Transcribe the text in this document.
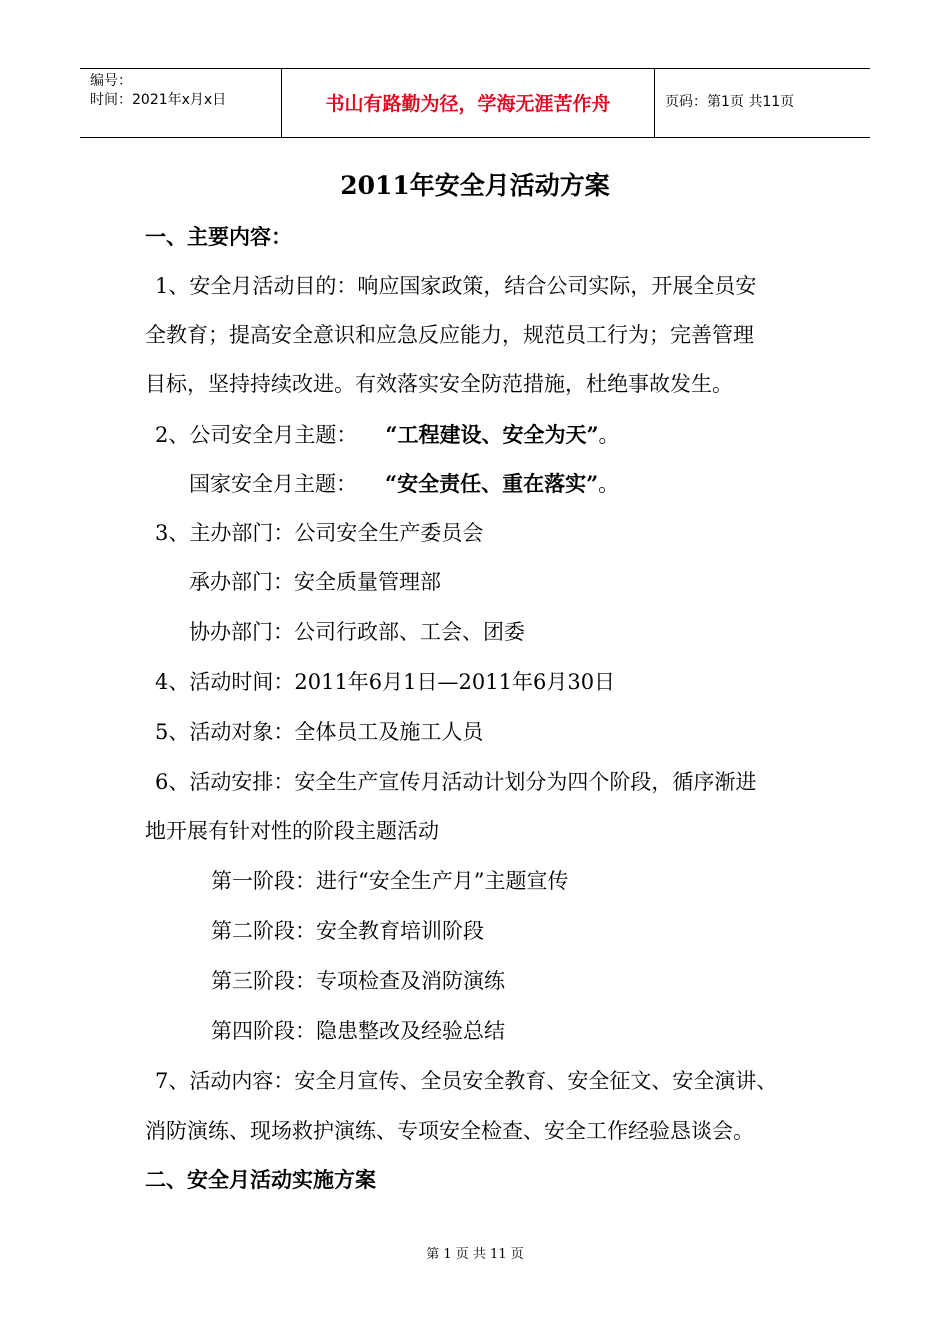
编号：
时间：2021年x月x日	书山有路勤为径，学海无涯苦作舟	页码：第1页 共11页
2011年安全月活动方案
一、主要内容：
1、安全月活动目的：响应国家政策，结合公司实际，开展全员安
全教育；提高安全意识和应急反应能力，规范员工行为；完善管理
目标，坚持持续改进。有效落实安全防范措施，杜绝事故发生。
2、公司安全月主题： “工程建设、安全为天”。
国家安全月主题： “安全责任、重在落实”。
3、主办部门：公司安全生产委员会
承办部门：安全质量管理部
协办部门：公司行政部、工会、团委
4、活动时间：2011年6月1日—2011年6月30日
5、活动对象：全体员工及施工人员
6、活动安排：安全生产宣传月活动计划分为四个阶段，循序渐进
地开展有针对性的阶段主题活动
第一阶段：进行“安全生产月”主题宣传
第二阶段：安全教育培训阶段
第三阶段：专项检查及消防演练
第四阶段：隐患整改及经验总结
7、活动内容：安全月宣传、全员安全教育、安全征文、安全演讲、
消防演练、现场救护演练、专项安全检查、安全工作经验恳谈会。
二、安全月活动实施方案
第 1 页 共 11 页
